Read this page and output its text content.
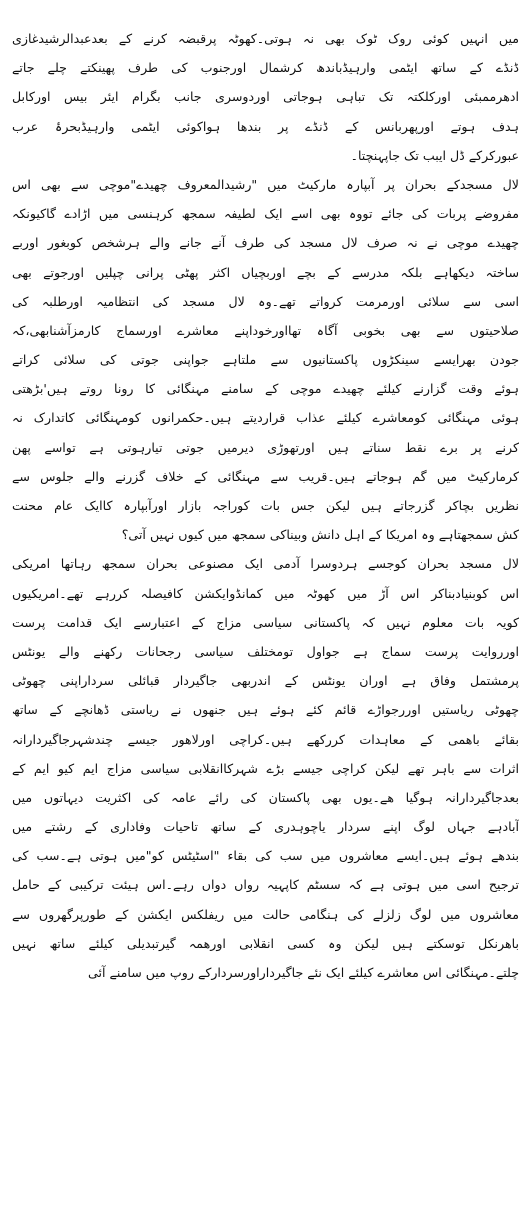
میں انہیں کوئی روک ٹوک بھی نہ ہوتی۔کھوٹہ پرقبضہ کرنے کے بعدعبدالرشیدغازی
ڈنڈے کے ساتھ ایٹمی وارہیڈباندھ کرشمال اورجنوب کی طرف پھینکتے چلے جاتے
ادھرممبئی اورکلکتہ تک تباہی ہوجاتی اوردوسری جانب بگرام ایئر بیس اورکابل
ہدف ہوتے اورپھربانس کے ڈنڈے پر بندھا ہواکوئی ایٹمی وارہیڈبحرۂ عرب
عبورکرکے ڈل ایبب تک جاپہنچتا۔
لال مسجدکے بحران پر آبپارہ مارکیٹ میں "رشیدالمعروف چھیدے"موچی سے بھی اس
مفروضے پربات کی جائے تووہ بھی اسے ایک لطیفہ سمجھ کرہنسی میں اڑادے گاکیونکہ
چھیدے موچی نے نہ صرف لال مسجد کی طرف آنے جانے والے ہرشخص کوبغور اوربے
ساختہ دیکھاہے بلکہ مدرسے کے بچے اوربچیاں اکثر پھٹی پرانی چپلیں اورجوتے بھی
اسی سے سلائی اورمرمت کرواتے تھے۔وہ لال مسجد کی انتظامیہ اورطلبہ کی
صلاحیتوں سے بھی بخوبی آگاہ تھااورخوداپنے معاشرے اورسماج کارمزآشنابھی،کہ
جودن بھرایسے سینکڑوں پاکستانیوں سے ملتاہے جواپنی جوتی کی سلائی کراتے
ہوئے وقت گزارنے کیلئے چھیدے موچی کے سامنے مہنگائی کا رونا روتے ہیں'بڑھتی
ہوئی مہنگائی کومعاشرے کیلئے عذاب قراردیتے ہیں۔حکمرانوں کومہنگائی کاتدارک نہ
کرنے پر برے نقط سناتے ہیں اورتھوڑی دیرمیں جوتی تیارہوتی ہے تواسے پھن
کرمارکیٹ میں گم ہوجاتے ہیں۔قریب سے مہنگائی کے خلاف گزرنے والے جلوس سے
نظریں بچاکر گزرجاتے ہیں لیکن جس بات کوراجہ بازار اورآبپارہ کاایک عام محنت
کش سمجھتاہے وہ امریکا کے اہل دانش وبیناکی سمجھ میں کیوں نہیں آتی؟
لال مسجد بحران کوجسے ہردوسرا آدمی ایک مصنوعی بحران سمجھ رہاتھا امریکی
اس کوبنیادبناکر اس آڑ میں کھوٹہ میں کمانڈوایکشن کافیصلہ کررہے تھے۔امریکیوں
کویہ بات معلوم نہیں کہ پاکستانی سیاسی مزاج کے اعتبارسے ایک قدامت پرست
اورروایت پرست سماج ہے جواول تومختلف سیاسی رجحانات رکھنے والے یونٹس
پرمشتمل وفاق ہے اوران یونٹس کے اندربھی جاگیردار قبائلی سرداراپنی چھوٹی
چھوٹی ریاستیں اوررجواڑے قائم کئے ہوئے ہیں جنھوں نے ریاستی ڈھانچے کے ساتھ
بقائے باھمی کے معاہدات کررکھے ہیں۔کراچی اورلاھور جیسے چندشہرجاگیردارانہ
اثرات سے باہر تھے لیکن کراچی جیسے بڑے شہرکاانقلابی سیاسی مزاج ایم کیو ایم کے
بعدجاگیردارانہ ہوگیا ھے۔یوں بھی پاکستان کی رائے عامہ کی اکثریت دیہاتوں میں
آبادہے جہاں لوگ اپنے سردار یاچوہدری کے ساتھ تاحیات وفاداری کے رشتے میں
بندھے ہوئے ہیں۔ایسے معاشروں میں سب کی بقاء "اسٹیٹس کو"میں ہوتی ہے۔سب کی
ترجیح اسی میں ہوتی ہے کہ سسٹم کاپہیہ رواں دواں رہے۔اس ہیئت ترکیبی کے حامل
معاشروں میں لوگ زلزلے کی ہنگامی حالت میں ریفلکس ایکشن کے طورپرگھروں سے
باھرنکل توسکتے ہیں لیکن وہ کسی انقلابی اورھمہ گیرتبدیلی کیلئے ساتھ نہیں
چلتے۔مہنگائی اس معاشرے کیلئے ایک نئے جاگیرداراورسردارکے روپ میں سامنے آئی
